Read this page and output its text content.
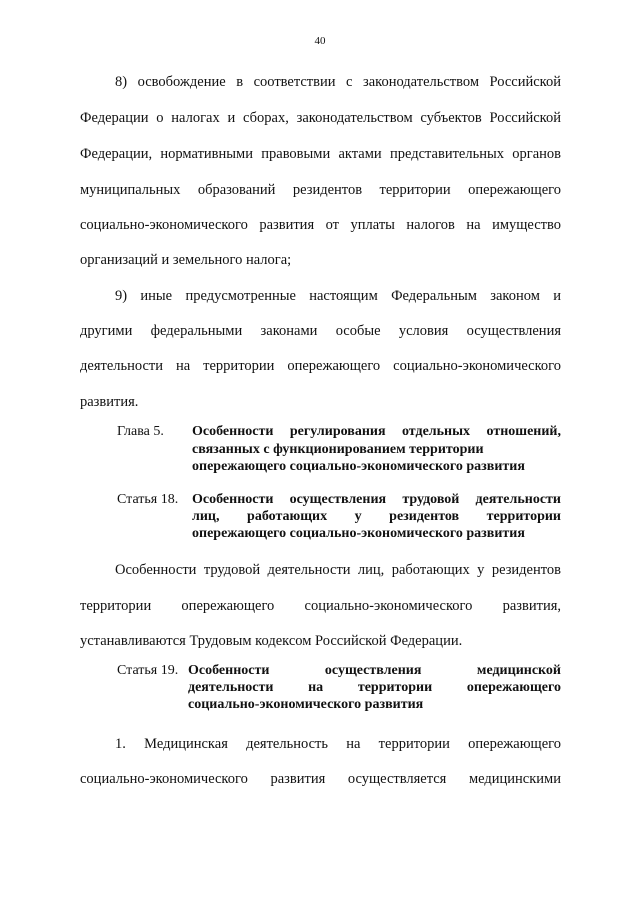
40
8) освобождение в соответствии с законодательством Российской
Федерации о налогах и сборах, законодательством субъектов Российской
Федерации, нормативными правовыми актами представительных органов
муниципальных образований резидентов территории опережающего
социально-экономического развития от уплаты налогов на имущество
организаций и земельного налога;
9) иные предусмотренные настоящим Федеральным законом и
другими федеральными законами особые условия осуществления
деятельности на территории опережающего социально-экономического
развития.
Глава 5. Особенности регулирования отдельных отношений,
связанных с функционированием территории
опережающего социально-экономического развития
Статья 18. Особенности осуществления трудовой деятельности
лиц, работающих у резидентов территории
опережающего социально-экономического развития
Особенности трудовой деятельности лиц, работающих у резидентов
территории опережающего социально-экономического развития,
устанавливаются Трудовым кодексом Российской Федерации.
Статья 19. Особенности осуществления медицинской
деятельности на территории опережающего
социально-экономического развития
1. Медицинская деятельность на территории опережающего
социально-экономического развития осуществляется медицинскими
